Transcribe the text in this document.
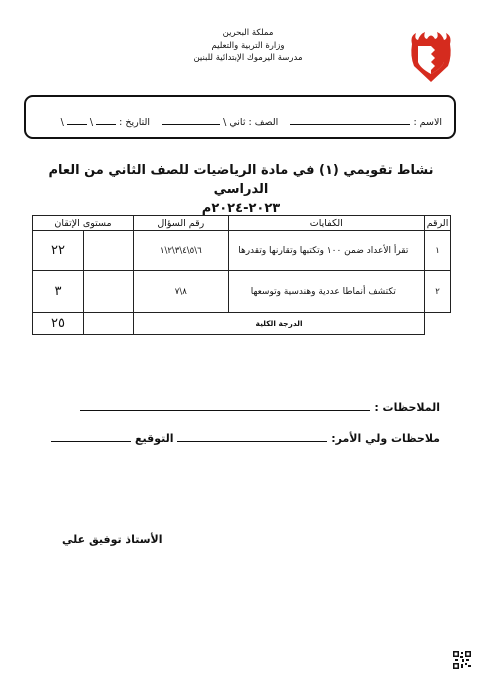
مملكة البحرين
وزارة التربية والتعليم
مدرسة اليرموك الإبتدائية للبنين
الاسم :     الصف : ثاني \     التاريخ :  \  \
نشاط تقويمي (١) في مادة الرياضيات للصف الثاني من العام الدراسي
٢٠٢٣-٢٠٢٤م
الرقم	الكفايات	رقم السؤال	مستوى الإتقان
١	تقرأ الأعداد ضمن ١٠٠ وتكتبها وتقارنها وتقدرها	٦\٥\٤\٣\٢\١	٢٢

٢	تكتشف أنماطا عددية وهندسية وتوسعها	٨\٧	٣

	الدرجة الكلية		٢٥
الملاحظات :
ملاحظات ولي الأمر:  التوقيع
الأستاذ توفيق علي
